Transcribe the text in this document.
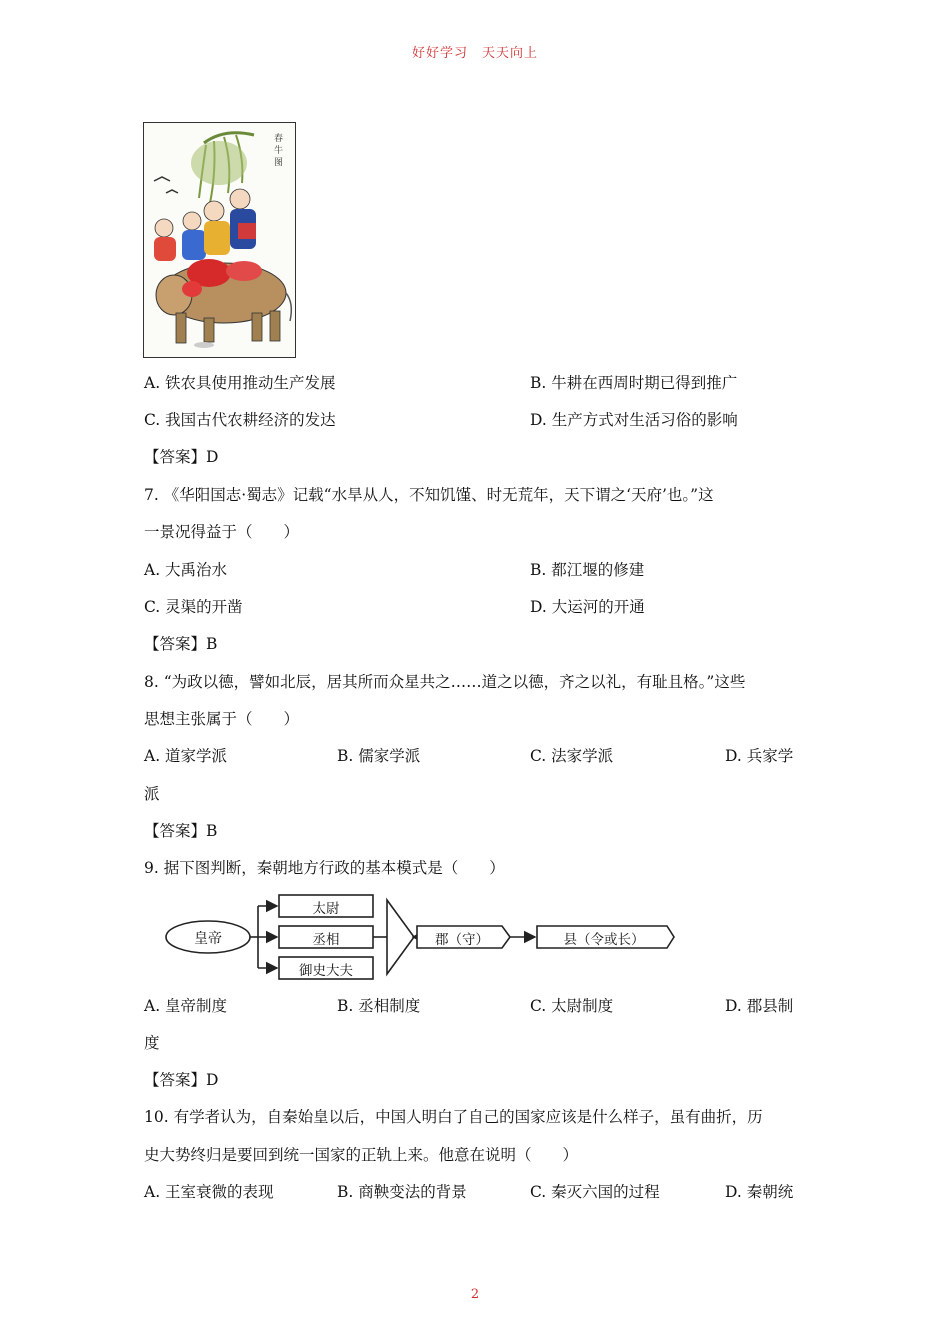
好好学习　天天向上
春牛图
A. 铁农具使用推动生产发展	B. 牛耕在西周时期已得到推广
C. 我国古代农耕经济的发达	D. 生产方式对生活习俗的影响
【答案】D
7. 《华阳国志·蜀志》记载“水旱从人，不知饥馑、时无荒年，天下谓之‘天府’也。”这
一景况得益于（　　）
A. 大禹治水	B. 都江堰的修建
C. 灵渠的开凿	D. 大运河的开通
【答案】B
8. “为政以德，譬如北辰，居其所而众星共之……道之以德，齐之以礼，有耻且格。”这些
思想主张属于（　　）
A. 道家学派	B. 儒家学派	C. 法家学派	D. 兵家学
派
【答案】B
9. 据下图判断，秦朝地方行政的基本模式是（　　）
皇帝
太尉
丞相
御史大夫
郡（守）	县（令或长）
A. 皇帝制度	B. 丞相制度	C. 太尉制度	D. 郡县制
度
【答案】D
10. 有学者认为，自秦始皇以后，中国人明白了自己的国家应该是什么样子，虽有曲折，历
史大势终归是要回到统一国家的正轨上来。他意在说明（　　）
A. 王室衰微的表现	B. 商鞅变法的背景	C. 秦灭六国的过程	D. 秦朝统
2
